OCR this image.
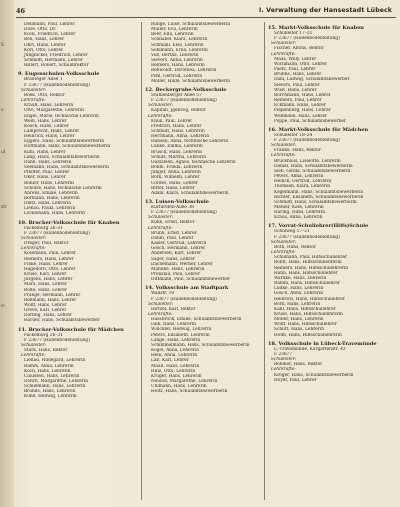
S
v
ul
str
e:
46	I. Verwaltung der Hansestadt Lübeck
Dellmann, Paul, Lehrer
Dose, Otto, Dr.
Kock, Friedrich, Lehrer
Beh, Hans, Lehrer
Ohrt, Hans, Lehrer
Korl, Otto, Lehrer
Jungnickel, Friedrich, Lehrer
Schmidt, Hermann, Lehrer
Hillert, Robert, Schuldirektor
9. Eugenschulen-Volksschule
Brauteger Allee 1
F 23677 (Hallenbodenleitung)
Schulleiter:
Boek, Otto, Rektor
Lehrkräfte:
Krauß, Hans, Lehrerin
Otto, Margarethe, Lehrerin
Engel, Marie, technische Lehrerin
Weiß, Hans, Lehrer
Koock, Hans, Lehrer
Lamprecht, Hans, Lehrer
Heinrich, Hans, Lehrer
Eggers, Hans, Schulamtsbewerberin
Hoffmann, Hans, Schulamtsbewerberin
Kühl, Hans, Lehrer
Lang, Hans, Schulamtsbewerberin
Dahn, Hans, Lehrerin
Seemann, Hans, Schulamtsbewerberin
Pfeiffer, Paul, Lehrer
Oker, Hans, Lehrer
Buhler, Hans, Lehrerin
Schulze, Hans, technische Lehrerin
Ahrens, Emilie, Lehrerin
Bormann, Hans, Lehrerin
Dietz, Hans, Lehrerin
Lienau, Paula, Lehrerin
Lockemann, Hans, Lehrerin
10. Brucker-Volksschule für Knaben
Fackelburg 26–31
F 23677 (Hallenbodenleitung)
Schulleiter:
Dreger, Paul, Rektor
Lehrkräfte:
Kossmann, Paul, Lehrer
Reimers, Hans, Lehrer
Finke, Hans, Lehrer
Hagedorn, Otto, Lehrer
Kruse, Karl, Lehrer
Jürgens, Hans, Lehrer
Marx, Hans, Lehrer
Bolte, Hans, Lehrer
Prange, Hermann, Lehrer
Rehmann, Hans, Lehrer
Wolff, Hans, Lehrer
Greve, Karl, Lehrer
Dorfing, Hans, Lehrer
Harder, Hans, Schulamtsbewerber
11. Brucker-Volksschule für Mädchen
Fackelburg 26–31
F 23677 (Hallenbodenleitung)
Schulleiter:
Stark, Hans, Rektor
Lehrkräfte:
Lienau, Hildegard, Lehrerin
Ramm, Anna, Lehrerin
Koch, Hans, Lehrerin
Claussen, Hans, Lehrerin
Dohrn, Margarethe, Lehrerin
Schliemann, Hans, Lehrerin
Bruhns, Hans, Lehrerin
Kühn, Hedwig, Lehrerin
Runge, Luise, Schulamtsbewerberin
Müller, Eva, Lehrerin
Beer, Ella, Lehrerin
Schnabel, Klara, Lehrerin
Schmahl, Else, Lehrerin
Söhlmann, Erna, Lehrerin
Voß, Bertha, Lehrerin
Sievers, Anna, Lehrerin
Reimers, Hans, Lehrerin
Rehwoldt, Dorothea, Lehrerin
Pohl, Gertrud, Lehrerin
Möller, Hilde, Schulamtsbewerberin
12. Beckergrube-Volksschule
Stuhlenberger Allee 57
F 23677 (Hallenbodenleitung)
Schulleiter:
Kapitän, Jgenvog, Rektor
Lehrkräfte:
Knüll, Paul, Lehrer
Fredrich, Hans, Lehrer
Schmidt, Hans, Lehrerin
Herrmann, Anna, Lehrerin
Hansen, Anna, technische Lehrerin
Lübke, Emma, Lehrerin
Brüsch, Hans, Lehrerin
Schulz, Martha, Lehrerin
Gustafsen, Agnes, technische Lehrerin
Böhm, Frieda, Lehrerin
Jünger, Anna, Lehrerin
Bork, Wilhelm, Lehrer
Cordes, Hans, Lehrer
Ritter, Hans, Lehrer
Adam, Klara, Schulamtsbewerberin
13. Luisen-Volksschule
Kurfürsten-Allee 38
F 23677 (Hallenbodenleitung)
Schulleiter:
Kühn, Ernst, Rektor
Lehrkräfte:
Bruhn, Ernst, Lehrer
Dahm, Paul, Lehrer
Kaiser, Gertrud, Lehrerin
Gosch, Hermann, Lehrer
Andersen, Karl, Lehrer
Sager, Hans, Lehrer
Dachemann, Werner, Lehrer
Mahnke, Hans, Lehrerin
Prenzlau, Paul, Lehrer
Dittmann, Paul, Schulamtsbewerber
14. Volksschule am Stadtpark
Wallstr. 18
F 23677 (Hallenbodenleitung)
Schulleiter:
Hirtzel, Karl, Rektor
Lehrkräfte:
Hassbrock, Emilie, Schulamtsbewerberin
Falk, Hans, Lehrerin
Winckler, Hedwig, Lehrerin
Peters, Elisabeth, Lehrerin
Lange, Hans, Lehrerin
Schimmelmann, Hans, Schulamtsbewerberin
Kogel, Anna, Lehrerin
Hein, Anna, Lehrerin
Laß, Karl, Lehrer
Maaß, Hans, Lehrerin
Hinz, Otto, Lehrerin
Krüger, Hans, Lehrerin
Neuhof, Margarethe, Lehrerin
Uhlmann, Hans, Lehrerin
Holtz, Hans, Schulamtsbewerberin
15. Markt-Volksschule für Knaben
Schulleiter 17–21
F 23677 (Hallenbodenleitung)
Schulleiter:
Fischer, Alfons, Rektor
Lehrkräfte:
Maas, Willy, Lehrer
Wichmann, Otto, Lehrer
Paetz, Paul, Lehrer
Bruhns, Hans, Lehrer
Dahl, Ludwig, Schulamtsbewerber
Sievers, Paul, Lehrer
Wüst, Hans, Lehrer
Borchmann, Hans, Lehrer
Reimers, Paul, Lehrer
Eckmann, Hans, Lehrer
Piepenburg, Hans, Lehrer
Wellmann, Hans, Lehrer
Poppe, Paul, Schulamtsbewerber
16. Markt-Volksschule für Mädchen
Schulleiter 18–24
F 23677 (Hallenbodenleitung)
Schulleiter:
Franke, Hans, Rektor
Lehrkräfte:
Bruckhaus, Liselotte, Lehrerin
Daniel, Hans, Schulamtsbewerberin
Sieh, Gerda, Schulamtsbewerberin
Peters, Alma, Lehrerin
Heinck, Gertrud, Lehrerin
Thomsen, Klara, Lehrerin
Kegelmann, Hans, Schulamtsbewerberin
Richter, Elisabeth, Schulamtsbewerberin
Schmidt, Hans, Schulamtsbewerberin
Mehler, Käte, Lehrerin
Haring, Hans, Lehrerin
Kraus, Anna, Lehrerin
17. Vorrat-Schullehrer(Hilfs)Schule
Schulweg 17–21
F 23677 (Hallenbodenleitung)
Schulleiter:
Both, Hans, Rektor
Lehrkräfte:
Schumann, Paul, Hilfsschullehrer
Boldt, Hans, Hilfsschullehrerin
Reimers, Hans, Hilfsschullehrerin
Hahn, Hans, Hilfsschullehrer
Warnke, Hans, Lehrerin
Ramm, Hans, Hilfsschullehrer
Lüdke, Hans, Lehrerin
Gosch, Anna, Lehrerin
Heinrich, Hans, Hilfsschullehrer
Bork, Hans, Lehrerin
Kahl, Hans, Hilfsschullehrer
Kruse, Hans, Hilfsschullehrerin
Möller, Hans, Lehrerin
Wolff, Hans, Hilfsschullehrer
Schütt, Hans, Lehrerin
Holm, Hans, Hilfsschullehrerin
18. Volksschule in Lübeck-Travemünde
L.-Travemünde, Kurgartenstr. 43
F 23677
Schulleiter:
Böhmer, Hans, Rektor
Lehrkräfte:
Kröger, Hans, Schulamtsbewerberin
Hoyer, Paul, Lehrer
